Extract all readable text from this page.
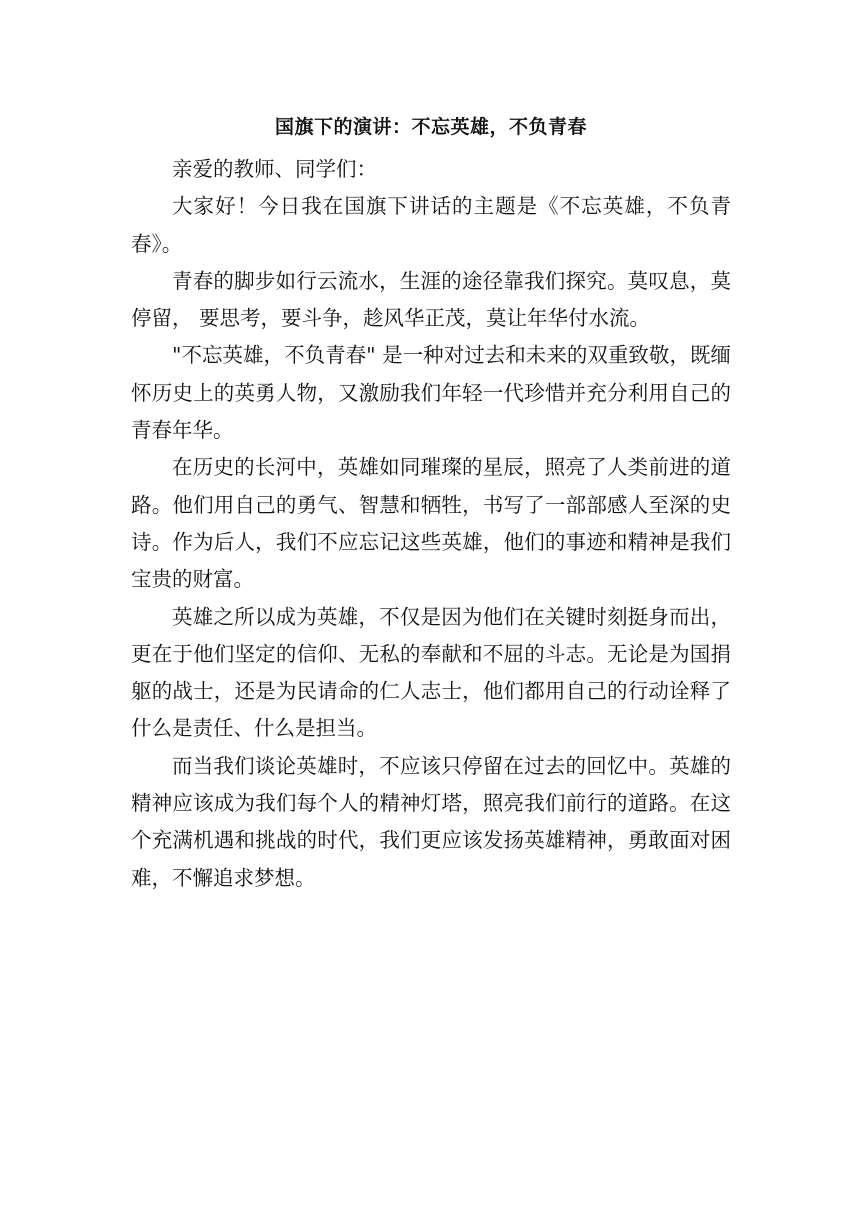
国旗下的演讲：不忘英雄，不负青春

亲爱的教师、同学们：

大家好！今日我在国旗下讲话的主题是《不忘英雄，不负青春》。

青春的脚步如行云流水，生涯的途径靠我们探究。莫叹息，莫停留， 要思考，要斗争，趁风华正茂，莫让年华付水流。

"不忘英雄，不负青春" 是一种对过去和未来的双重致敬，既缅怀历史上的英勇人物，又激励我们年轻一代珍惜并充分利用自己的青春年华。

在历史的长河中，英雄如同璀璨的星辰，照亮了人类前进的道路。他们用自己的勇气、智慧和牺牲，书写了一部部感人至深的史诗。作为后人，我们不应忘记这些英雄，他们的事迹和精神是我们宝贵的财富。

英雄之所以成为英雄，不仅是因为他们在关键时刻挺身而出，更在于他们坚定的信仰、无私的奉献和不屈的斗志。无论是为国捐躯的战士，还是为民请命的仁人志士，他们都用自己的行动诠释了什么是责任、什么是担当。

而当我们谈论英雄时，不应该只停留在过去的回忆中。英雄的精神应该成为我们每个人的精神灯塔，照亮我们前行的道路。在这个充满机遇和挑战的时代，我们更应该发扬英雄精神，勇敢面对困难，不懈追求梦想。
